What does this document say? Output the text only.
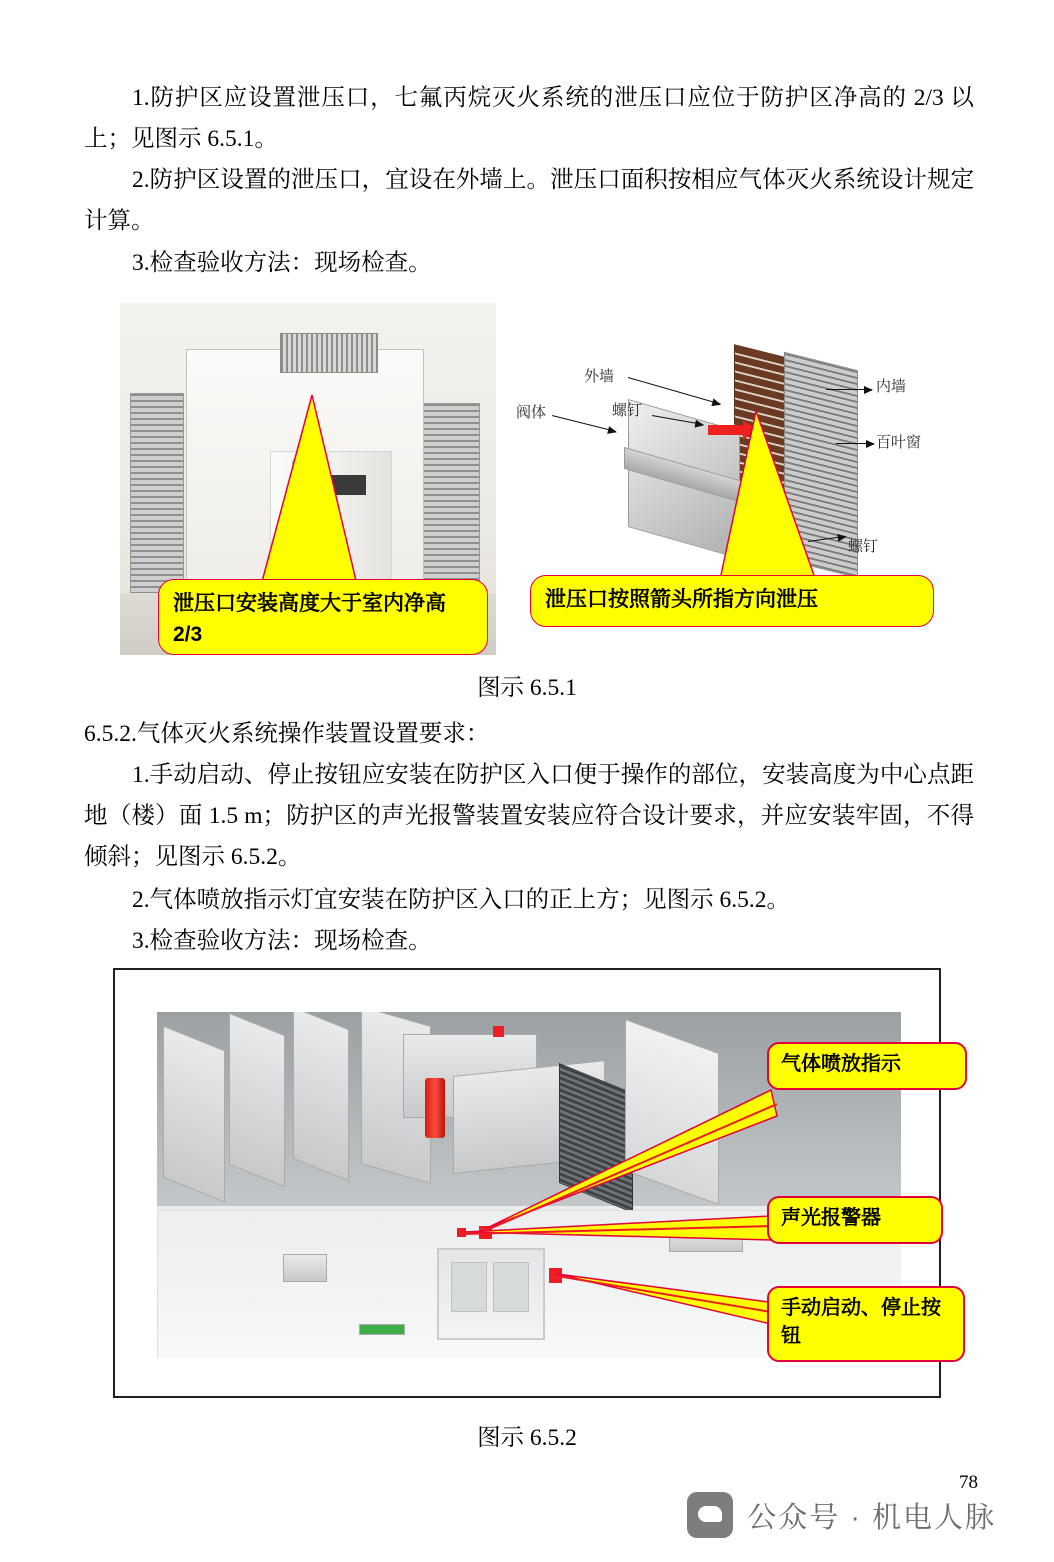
1.防护区应设置泄压口，七氟丙烷灭火系统的泄压口应位于防护区净高的 2/3 以上；见图示 6.5.1。

2.防护区设置的泄压口，宜设在外墙上。泄压口面积按相应气体灭火系统设计规定计算。

3.检查验收方法：现场检查。

泄压口安装高度大于室内净高 2/3
外墙
螺钉
阀体
内墙
百叶窗
螺钉
泄压口按照箭头所指方向泄压
图示 6.5.1

6.5.2.气体灭火系统操作装置设置要求：

1.手动启动、停止按钮应安装在防护区入口便于操作的部位，安装高度为中心点距地（楼）面 1.5 m；防护区的声光报警装置安装应符合设计要求，并应安装牢固，不得倾斜；见图示 6.5.2。

2.气体喷放指示灯宜安装在防护区入口的正上方；见图示 6.5.2。

3.检查验收方法：现场检查。

气体喷放指示
声光报警器
手动启动、停止按钮
图示 6.5.2
78
公众号 · 机电人脉
